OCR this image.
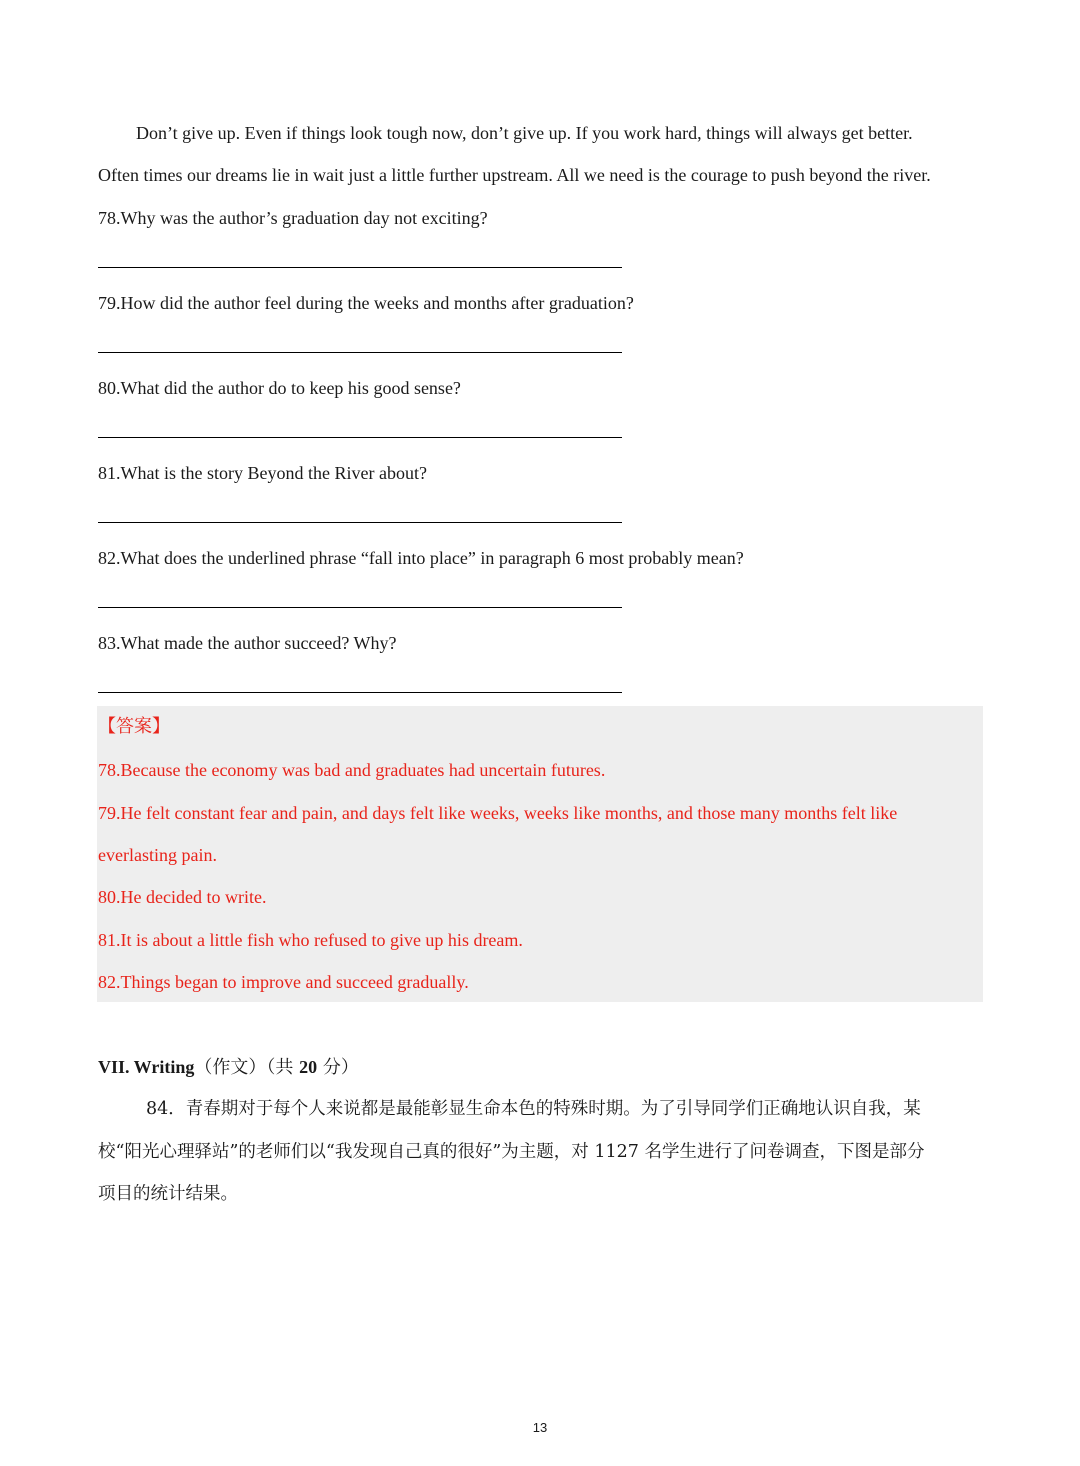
Don’t give up. Even if things look tough now, don’t give up. If you work hard, things will always get better.
Often times our dreams lie in wait just a little further upstream. All we need is the courage to push beyond the river.
78.Why was the author’s graduation day not exciting?
79.How did the author feel during the weeks and months after graduation?
80.What did the author do to keep his good sense?
81.What is the story Beyond the River about?
82.What does the underlined phrase “fall into place” in paragraph 6 most probably mean?
83.What made the author succeed? Why?
【答案】
78.Because the economy was bad and graduates had uncertain futures.
79.He felt constant fear and pain, and days felt like weeks, weeks like months, and those many months felt like
everlasting pain.
80.He decided to write.
81.It is about a little fish who refused to give up his dream.
82.Things began to improve and succeed gradually.
VII. Writing（作文）（共 20 分）
84．青春期对于每个人来说都是最能彰显生命本色的特殊时期。为了引导同学们正确地认识自我，某
校“阳光心理驿站”的老师们以“我发现自己真的很好”为主题，对 1127 名学生进行了问卷调查，下图是部分
项目的统计结果。
13
